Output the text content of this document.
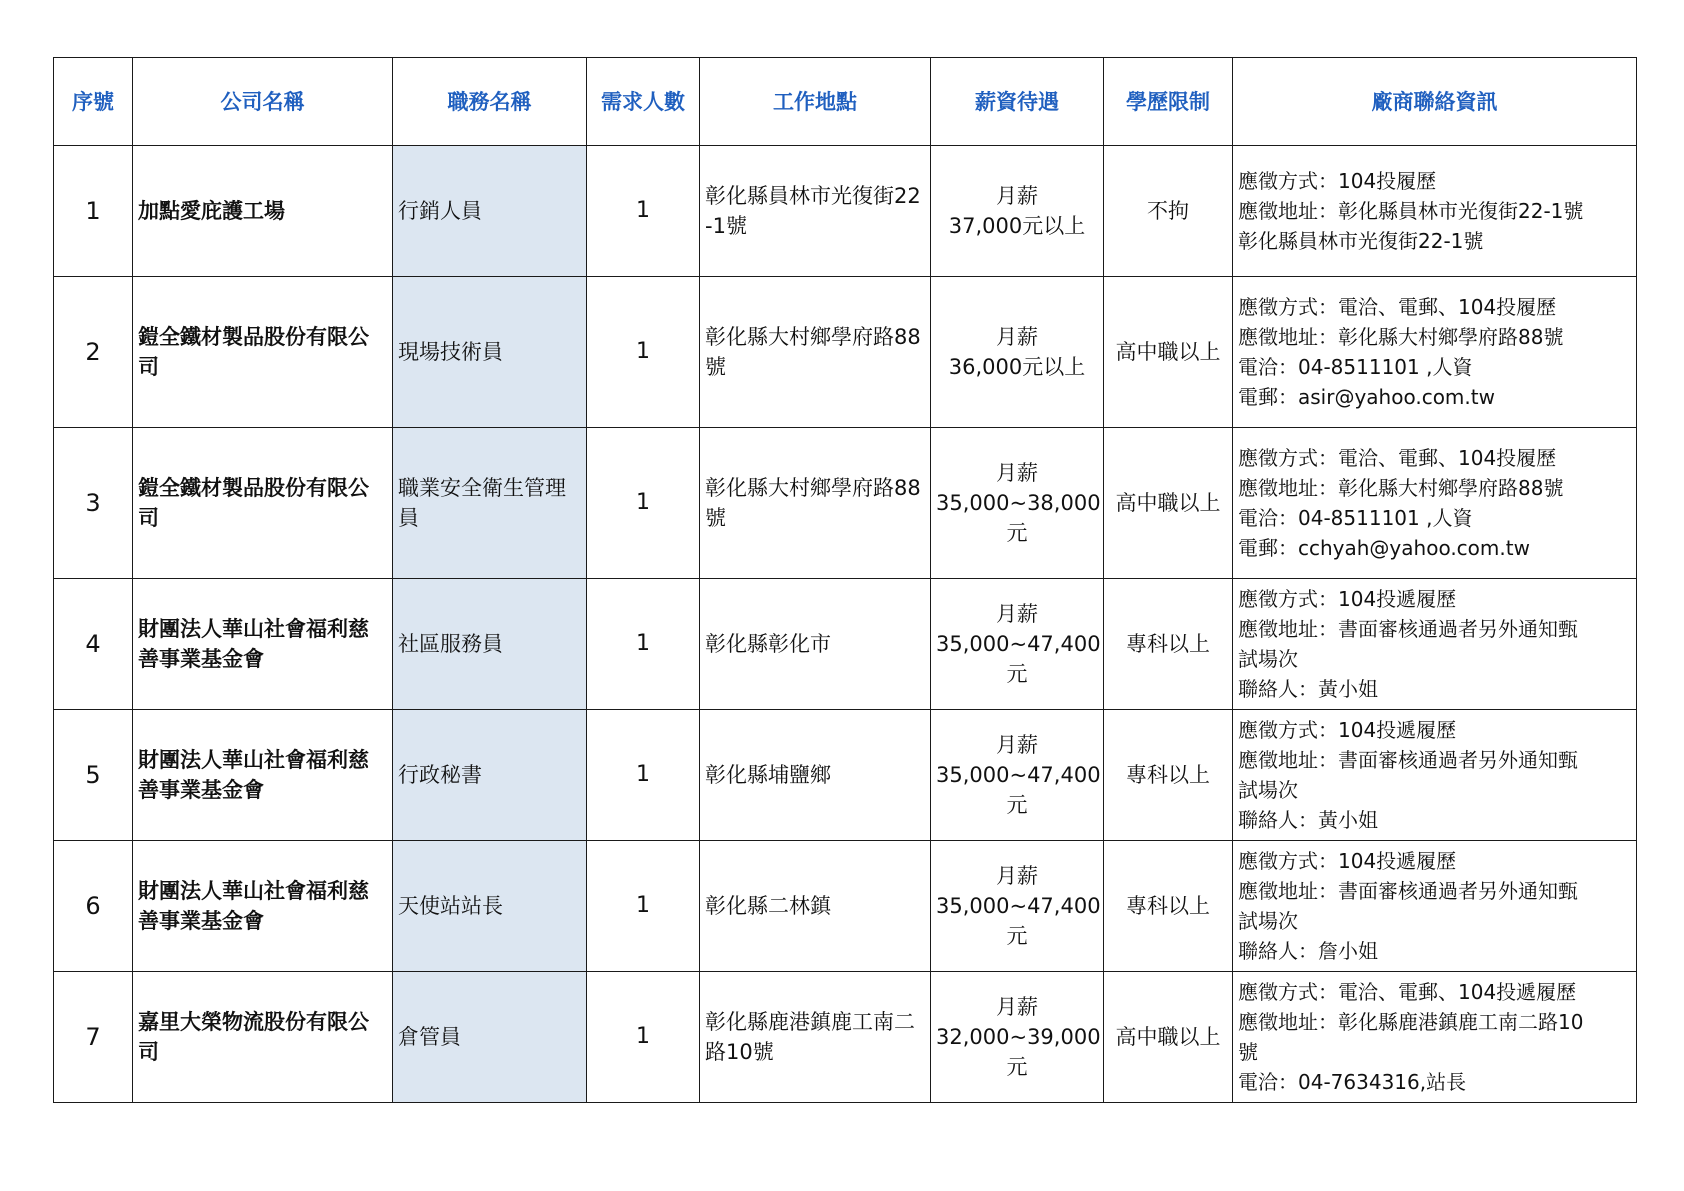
序號	公司名稱	職務名稱	需求人數	工作地點	薪資待遇	學歷限制	廠商聯絡資訊
1	加點愛庇護工場	行銷人員	1	彰化縣員林市光復街22-1號	月薪
37,000元以上	不拘	應徵方式：104投履歷
應徵地址：彰化縣員林市光復街22-1號
彰化縣員林市光復街22-1號

2	鎧全鐵材製品股份有限公司	現場技術員	1	彰化縣大村鄉學府路88號	月薪
36,000元以上	高中職以上	應徵方式：電洽、電郵、104投履歷
應徵地址：彰化縣大村鄉學府路88號
電洽：04-8511101 ,人資
電郵：asir@yahoo.com.tw

3	鎧全鐵材製品股份有限公司	職業安全衛生管理員	1	彰化縣大村鄉學府路88號	月薪
35,000~38,000
元	高中職以上	應徵方式：電洽、電郵、104投履歷
應徵地址：彰化縣大村鄉學府路88號
電洽：04-8511101 ,人資
電郵：cchyah@yahoo.com.tw

4	財團法人華山社會福利慈善事業基金會	社區服務員	1	彰化縣彰化市	月薪
35,000~47,400
元	專科以上	應徵方式：104投遞履歷
應徵地址：書面審核通過者另外通知甄
試場次
聯絡人：黃小姐

5	財團法人華山社會福利慈善事業基金會	行政秘書	1	彰化縣埔鹽鄉	月薪
35,000~47,400
元	專科以上	應徵方式：104投遞履歷
應徵地址：書面審核通過者另外通知甄
試場次
聯絡人：黃小姐

6	財團法人華山社會福利慈善事業基金會	天使站站長	1	彰化縣二林鎮	月薪
35,000~47,400
元	專科以上	應徵方式：104投遞履歷
應徵地址：書面審核通過者另外通知甄
試場次
聯絡人：詹小姐

7	嘉里大榮物流股份有限公司	倉管員	1	彰化縣鹿港鎮鹿工南二路10號	月薪
32,000~39,000
元	高中職以上	應徵方式：電洽、電郵、104投遞履歷
應徵地址：彰化縣鹿港鎮鹿工南二路10
號
電洽：04-7634316,站長
